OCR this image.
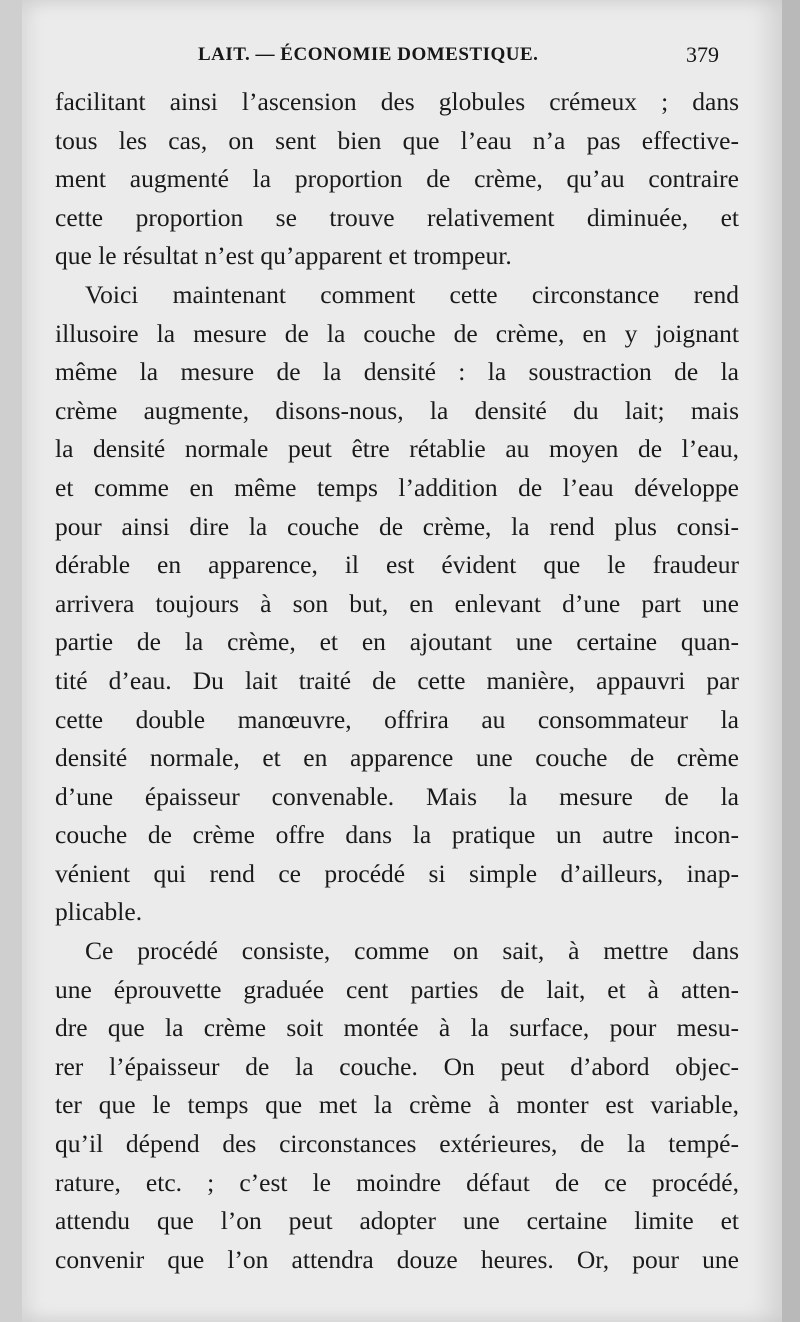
LAIT. — ÉCONOMIE DOMESTIQUE.	379
facilitant ainsi l’ascension des globules crémeux ; dans
tous les cas, on sent bien que l’eau n’a pas effective-
ment augmenté la proportion de crème, qu’au contraire
cette proportion se trouve relativement diminuée, et
que le résultat n’est qu’apparent et trompeur.
Voici maintenant comment cette circonstance rend
illusoire la mesure de la couche de crème, en y joignant
même la mesure de la densité : la soustraction de la
crème augmente, disons-nous, la densité du lait; mais
la densité normale peut être rétablie au moyen de l’eau,
et comme en même temps l’addition de l’eau développe
pour ainsi dire la couche de crème, la rend plus consi-
dérable en apparence, il est évident que le fraudeur
arrivera toujours à son but, en enlevant d’une part une
partie de la crème, et en ajoutant une certaine quan-
tité d’eau. Du lait traité de cette manière, appauvri par
cette double manœuvre, offrira au consommateur la
densité normale, et en apparence une couche de crème
d’une épaisseur convenable. Mais la mesure de la
couche de crème offre dans la pratique un autre incon-
vénient qui rend ce procédé si simple d’ailleurs, inap-
plicable.
Ce procédé consiste, comme on sait, à mettre dans
une éprouvette graduée cent parties de lait, et à atten-
dre que la crème soit montée à la surface, pour mesu-
rer l’épaisseur de la couche. On peut d’abord objec-
ter que le temps que met la crème à monter est variable,
qu’il dépend des circonstances extérieures, de la tempé-
rature, etc. ; c’est le moindre défaut de ce procédé,
attendu que l’on peut adopter une certaine limite et
convenir que l’on attendra douze heures. Or, pour une
